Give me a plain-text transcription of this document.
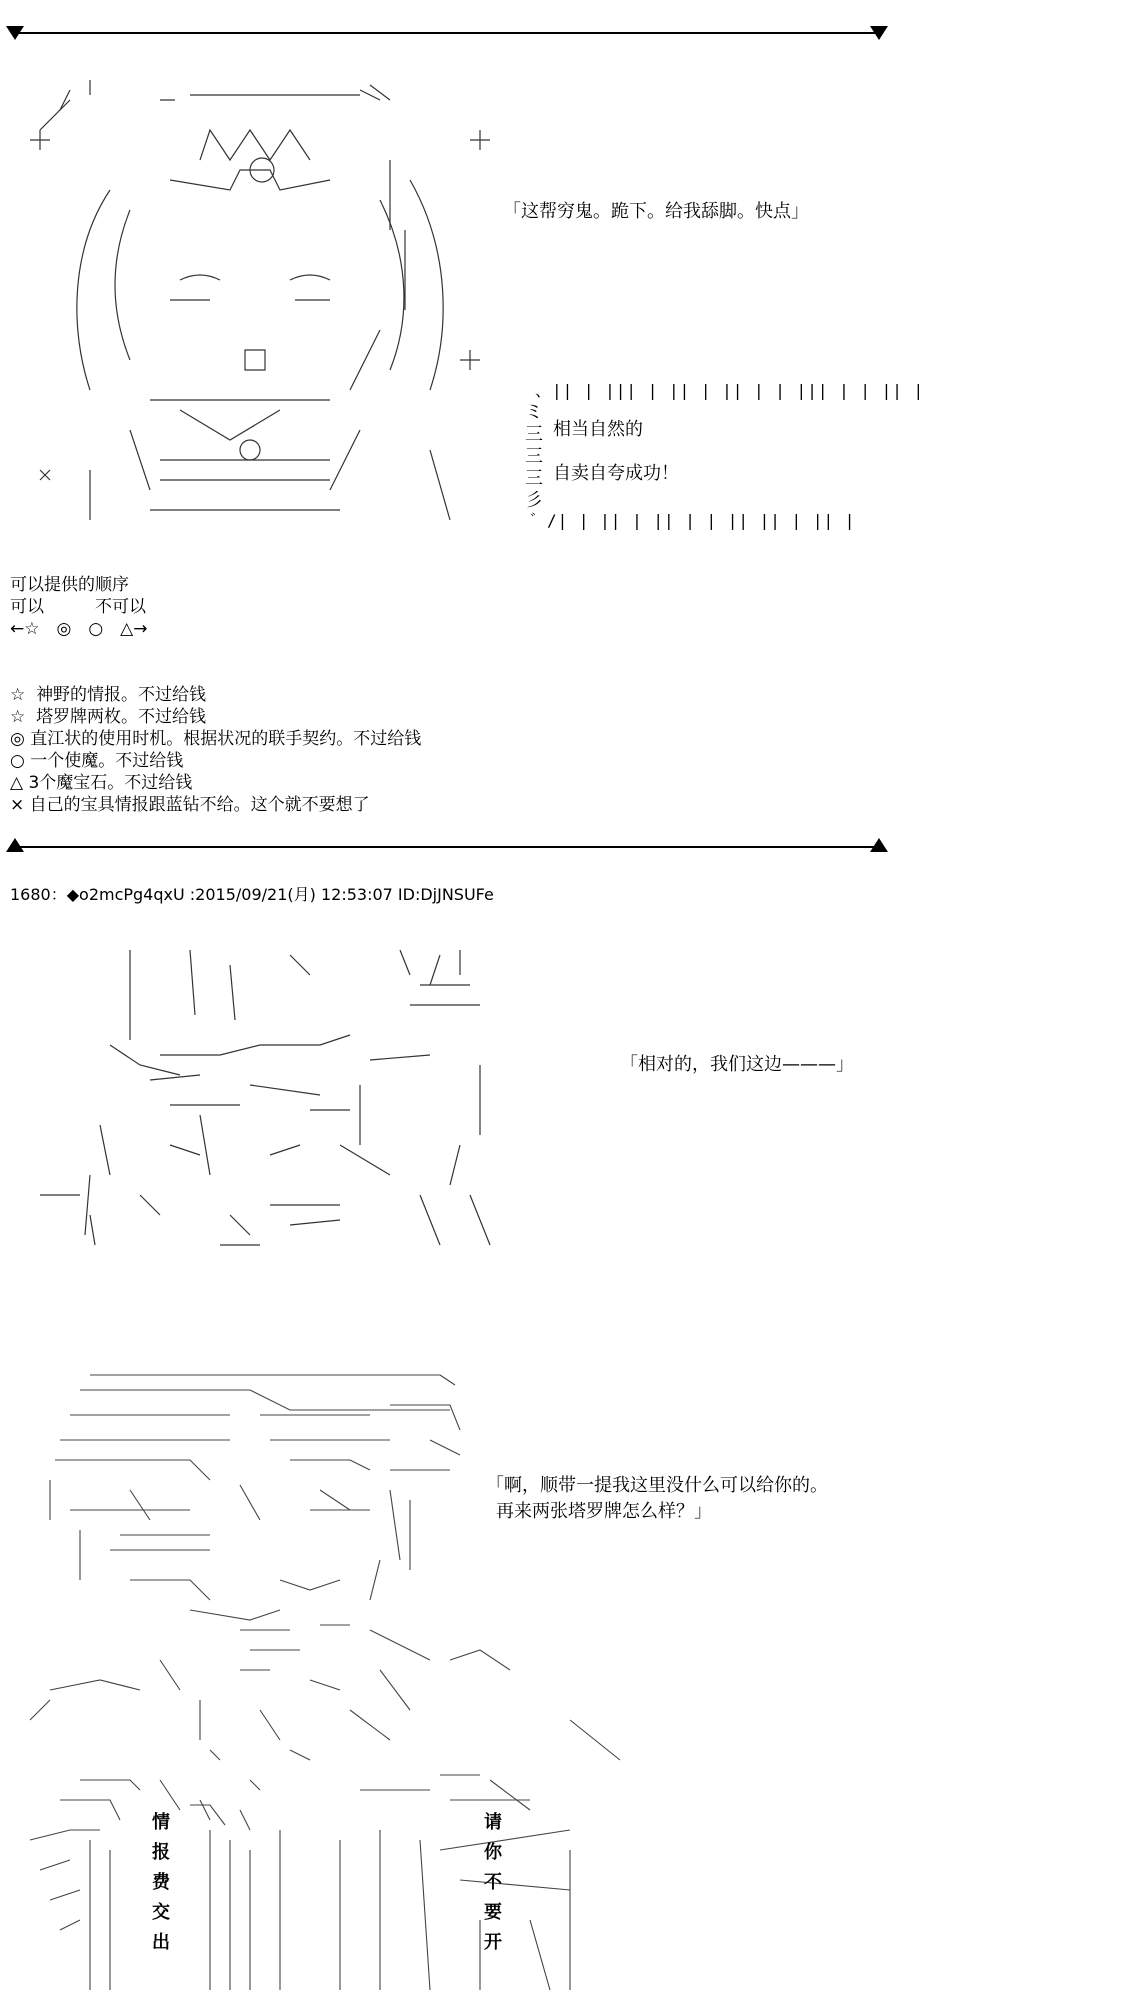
「这帮穷鬼。跪下。给我舔脚。快点」
、|| | ||| | || | || | | ||| | | || |
ミ
三
三
三
彡
相当自然的
自卖自夸成功！
゛/| | || | || | | || || | || |
可以提供的顺序
可以　　　不可以
←☆　◎　○　△→
☆ 神野的情报。不过给钱
☆ 塔罗牌两枚。不过给钱
◎ 直江状的使用时机。根据状况的联手契约。不过给钱
○ 一个使魔。不过给钱
△ 3个魔宝石。不过给钱
× 自己的宝具情报跟蓝钻不给。这个就不要想了
1680：◆o2mcPg4qxU :2015/09/21(月) 12:53:07 ID:DjJNSUFe
「相对的，我们这边———」
「啊，顺带一提我这里没什么可以给你的。
再来两张塔罗牌怎么样？」
情
报
费
交
出
请
你
不
要
开
